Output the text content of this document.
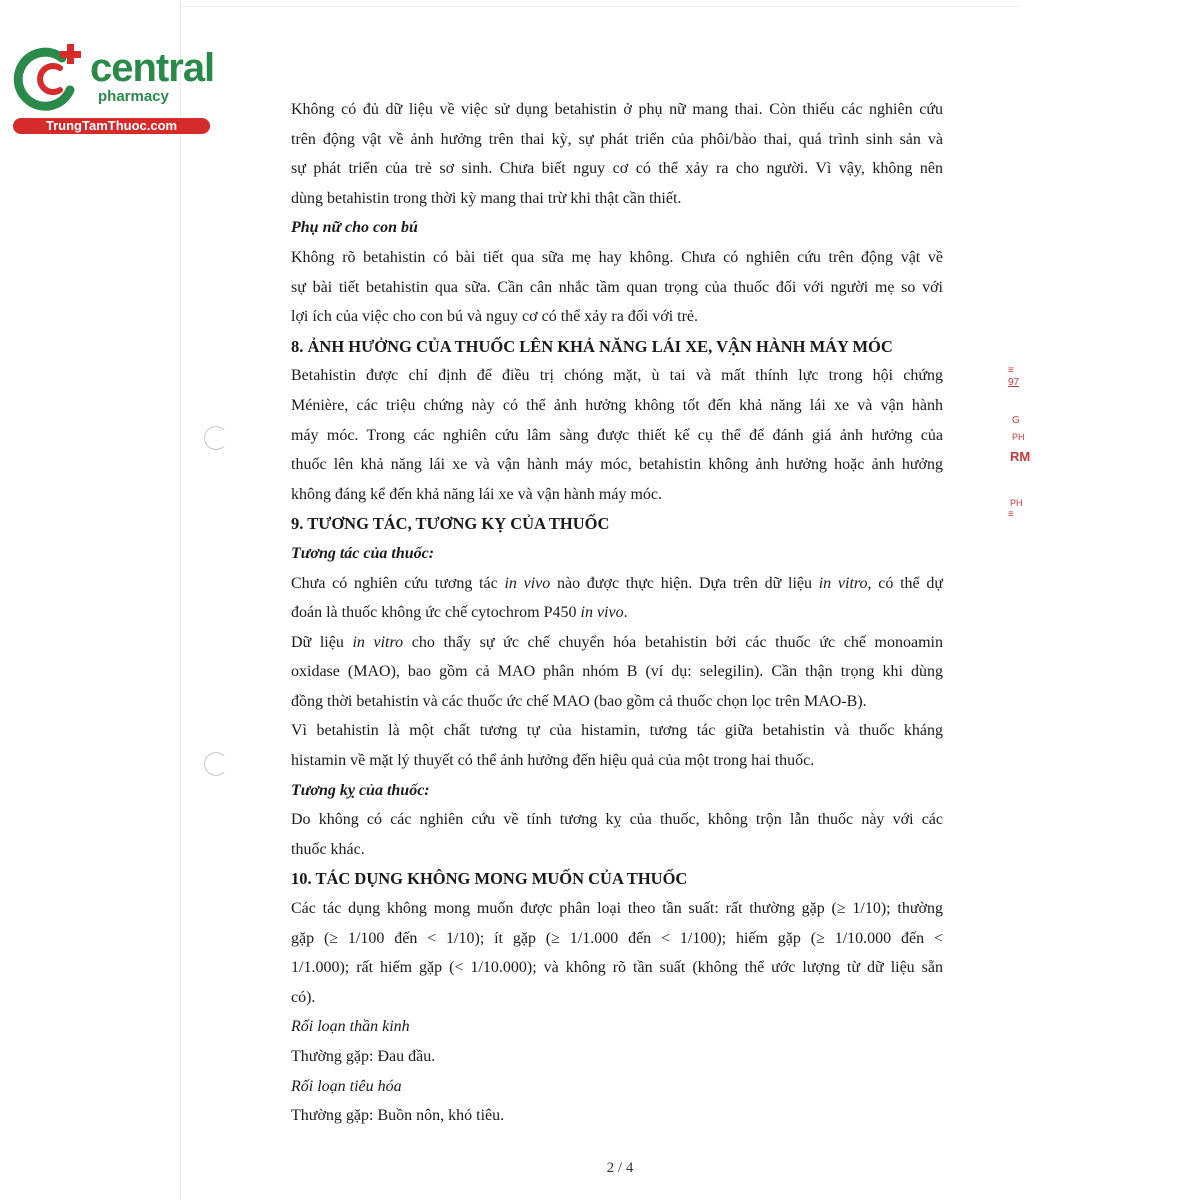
central
pharmacy
TrungTamThuoc.com
Không có đủ dữ liệu về việc sử dụng betahistin ở phụ nữ mang thai. Còn thiếu các nghiên cứu
trên động vật về ảnh hưởng trên thai kỳ, sự phát triển của phôi/bào thai, quá trình sinh sản và
sự phát triển của trẻ sơ sinh. Chưa biết nguy cơ có thể xảy ra cho người. Vì vậy, không nên
dùng betahistin trong thời kỳ mang thai trừ khi thật cần thiết.
Phụ nữ cho con bú
Không rõ betahistin có bài tiết qua sữa mẹ hay không. Chưa có nghiên cứu trên động vật về
sự bài tiết betahistin qua sữa. Cần cân nhắc tầm quan trọng của thuốc đối với người mẹ so với
lợi ích của việc cho con bú và nguy cơ có thể xảy ra đối với trẻ.
8. ẢNH HƯỞNG CỦA THUỐC LÊN KHẢ NĂNG LÁI XE, VẬN HÀNH MÁY MÓC
Betahistin được chỉ định để điều trị chóng mặt, ù tai và mất thính lực trong hội chứng
Ménière, các triệu chứng này có thể ảnh hưởng không tốt đến khả năng lái xe và vận hành
máy móc. Trong các nghiên cứu lâm sàng được thiết kế cụ thể để đánh giá ảnh hưởng của
thuốc lên khả năng lái xe và vận hành máy móc, betahistin không ảnh hưởng hoặc ảnh hưởng
không đáng kể đến khả năng lái xe và vận hành máy móc.
9. TƯƠNG TÁC, TƯƠNG KỴ CỦA THUỐC
Tương tác của thuốc:
Chưa có nghiên cứu tương tác in vivo nào được thực hiện. Dựa trên dữ liệu in vitro, có thể dự
đoán là thuốc không ức chế cytochrom P450 in vivo.
Dữ liệu in vitro cho thấy sự ức chế chuyển hóa betahistin bởi các thuốc ức chế monoamin
oxidase (MAO), bao gồm cả MAO phân nhóm B (ví dụ: selegilin). Cần thận trọng khi dùng
đồng thời betahistin và các thuốc ức chế MAO (bao gồm cả thuốc chọn lọc trên MAO-B).
Vì betahistin là một chất tương tự của histamin, tương tác giữa betahistin và thuốc kháng
histamin về mặt lý thuyết có thể ảnh hưởng đến hiệu quả của một trong hai thuốc.
Tương kỵ của thuốc:
Do không có các nghiên cứu về tính tương kỵ của thuốc, không trộn lẫn thuốc này với các
thuốc khác.
10. TÁC DỤNG KHÔNG MONG MUỐN CỦA THUỐC
Các tác dụng không mong muốn được phân loại theo tần suất: rất thường gặp (≥ 1/10); thường
gặp (≥ 1/100 đến < 1/10); ít gặp (≥ 1/1.000 đến < 1/100); hiếm gặp (≥ 1/10.000 đến <
1/1.000); rất hiếm gặp (< 1/10.000); và không rõ tần suất (không thể ước lượng từ dữ liệu sẵn
có).
Rối loạn thần kinh
Thường gặp: Đau đầu.
Rối loạn tiêu hóa
Thường gặp: Buồn nôn, khó tiêu.
≡
97
G
PH
RM
PH
≡
2 / 4
